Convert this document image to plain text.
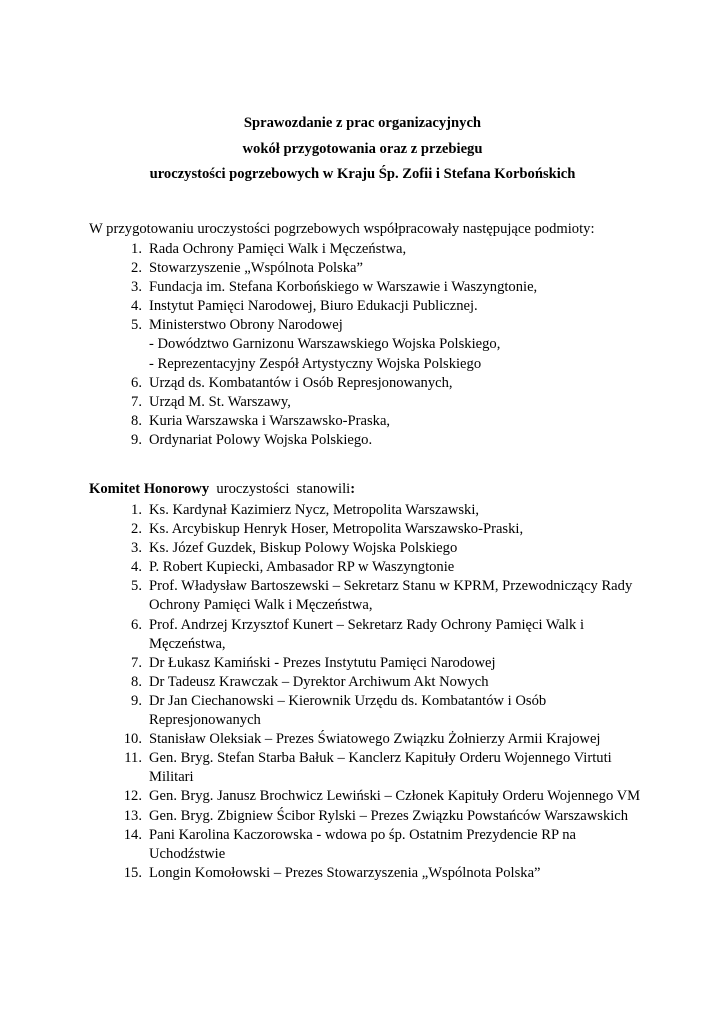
Sprawozdanie z prac organizacyjnych
wokół przygotowania oraz z przebiegu
uroczystości pogrzebowych w Kraju Śp. Zofii i Stefana Korbońskich
W przygotowaniu uroczystości pogrzebowych współpracowały następujące podmioty:
1. Rada Ochrony Pamięci Walk i Męczeństwa,
2. Stowarzyszenie „Wspólnota Polska”
3. Fundacja im. Stefana Korbońskiego w Warszawie i Waszyngtonie,
4. Instytut Pamięci Narodowej, Biuro Edukacji Publicznej.
5. Ministerstwo Obrony Narodowej
- Dowództwo Garnizonu Warszawskiego Wojska Polskiego,
- Reprezentacyjny Zespół Artystyczny Wojska Polskiego
6. Urząd ds. Kombatantów i Osób Represjonowanych,
7. Urząd M. St. Warszawy,
8. Kuria Warszawska i Warszawsko-Praska,
9. Ordynariat Polowy Wojska Polskiego.
Komitet Honorowy  uroczystości  stanowili:
1. Ks. Kardynał Kazimierz Nycz, Metropolita Warszawski,
2. Ks. Arcybiskup Henryk Hoser, Metropolita Warszawsko-Praski,
3. Ks. Józef Guzdek, Biskup Polowy Wojska Polskiego
4. P. Robert Kupiecki, Ambasador RP w Waszyngtonie
5. Prof. Władysław Bartoszewski – Sekretarz Stanu w KPRM, Przewodniczący Rady
Ochrony Pamięci Walk i Męczeństwa,
6. Prof. Andrzej Krzysztof Kunert – Sekretarz Rady Ochrony Pamięci Walk i
Męczeństwa,
7. Dr Łukasz Kamiński - Prezes Instytutu Pamięci Narodowej
8. Dr Tadeusz Krawczak – Dyrektor Archiwum Akt Nowych
9. Dr Jan Ciechanowski – Kierownik Urzędu ds. Kombatantów i Osób
Represjonowanych
10. Stanisław Oleksiak – Prezes Światowego Związku Żołnierzy Armii Krajowej
11. Gen. Bryg. Stefan Starba Bałuk – Kanclerz Kapituły Orderu Wojennego Virtuti
Militari
12. Gen. Bryg. Janusz Brochwicz Lewiński – Członek Kapituły Orderu Wojennego VM
13. Gen. Bryg. Zbigniew Ścibor Rylski – Prezes Związku Powstańców Warszawskich
14. Pani Karolina Kaczorowska - wdowa po śp. Ostatnim Prezydencie RP na
Uchodźstwie
15. Longin Komołowski – Prezes Stowarzyszenia „Wspólnota Polska”
